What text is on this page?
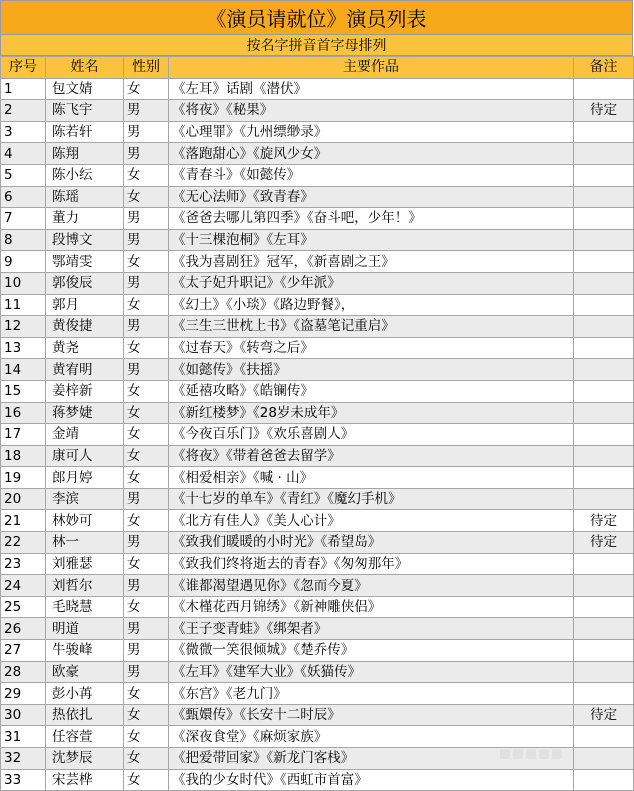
《演员请就位》演员列表
按名字拼音首字母排列
序号	姓名	性别	主要作品	备注
1	包文婧	女	《左耳》话剧《潜伏》	
2	陈飞宇	男	《将夜》《秘果》	待定
3	陈若轩	男	《心理罪》《九州缥缈录》	
4	陈翔	男	《落跑甜心》《旋风少女》	
5	陈小纭	女	《青春斗》《如懿传》	
6	陈瑶	女	《无心法师》《致青春》	
7	董力	男	《爸爸去哪儿第四季》《奋斗吧，少年！》	
8	段博文	男	《十三棵泡桐》《左耳》	
9	鄂靖雯	女	《我为喜剧狂》冠军，《新喜剧之王》	
10	郭俊辰	男	《太子妃升职记》《少年派》	
11	郭月	女	《幻土》《小琰》《路边野餐》，	
12	黄俊捷	男	《三生三世枕上书》《盗墓笔记重启》	
13	黄尧	女	《过春天》《转弯之后》	
14	黄宥明	男	《如懿传》《扶摇》	
15	姜梓新	女	《延禧攻略》《皓镧传》	
16	蒋梦婕	女	《新红楼梦》《28岁未成年》	
17	金靖	女	《今夜百乐门》《欢乐喜剧人》	
18	康可人	女	《将夜》《带着爸爸去留学》	
19	郎月婷	女	《相爱相亲》《喊 · 山》	
20	李滨	男	《十七岁的单车》《青红》《魔幻手机》	
21	林妙可	女	《北方有佳人》《美人心计》	待定
22	林一	男	《致我们暖暖的小时光》《希望岛》	待定
23	刘雅瑟	女	《致我们终将逝去的青春》《匆匆那年》	
24	刘哲尔	男	《谁都渴望遇见你》《忽而今夏》	
25	毛晓慧	女	《木槿花西月锦绣》《新神雕侠侣》	
26	明道	男	《王子变青蛙》《绑架者》	
27	牛骏峰	男	《微微一笑很倾城》《楚乔传》	
28	欧豪	男	《左耳》《建军大业》《妖猫传》	
29	彭小苒	女	《东宫》《老九门》	
30	热依扎	女	《甄嬛传》《长安十二时辰》	待定
31	任容萱	女	《深夜食堂》《麻烦家族》	
32	沈梦辰	女	《把爱带回家》《新龙门客栈》	
33	宋芸桦	女	《我的少女时代》《西虹市首富》	
